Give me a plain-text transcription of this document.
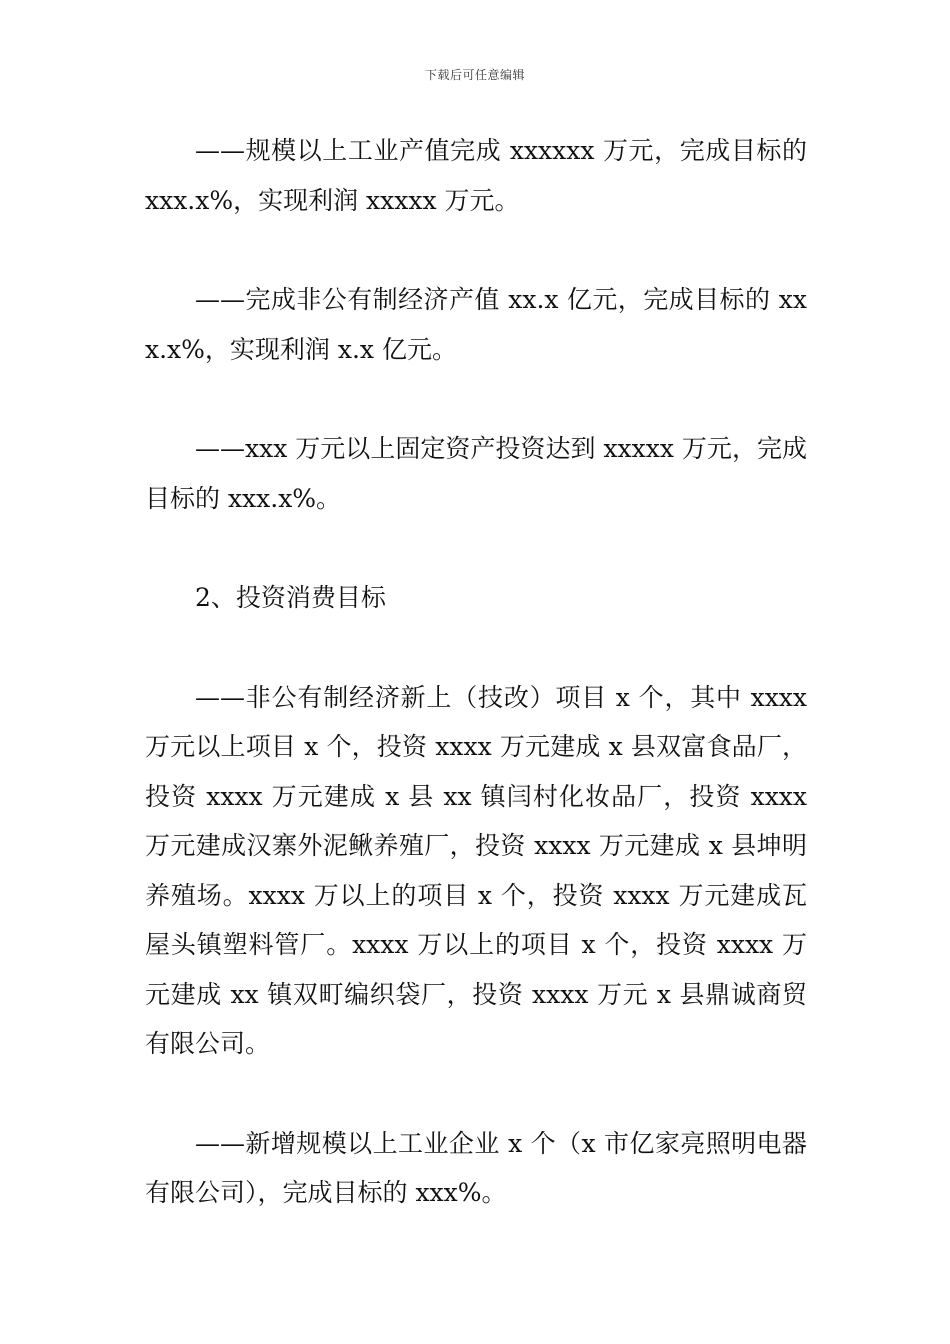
下载后可任意编辑

——规模以上工业产值完成 xxxxxx 万元，完成目标的 xxx.x%，实现利润 xxxxx 万元。

——完成非公有制经济产值 xx.x 亿元，完成目标的 xxx.x%，实现利润 x.x 亿元。

——xxx 万元以上固定资产投资达到 xxxxx 万元，完成目标的 xxx.x%。

2、投资消费目标

——非公有制经济新上（技改）项目 x 个，其中 xxxx 万元以上项目 x 个，投资 xxxx 万元建成 x 县双富食品厂，投资 xxxx 万元建成 x 县 xx 镇闫村化妆品厂，投资 xxxx 万元建成汉寨外泥鳅养殖厂，投资 xxxx 万元建成 x 县坤明养殖场。xxxx 万以上的项目 x 个，投资 xxxx 万元建成瓦屋头镇塑料管厂。xxxx 万以上的项目 x 个，投资 xxxx 万元建成 xx 镇双町编织袋厂，投资 xxxx 万元 x 县鼎诚商贸有限公司。

——新增规模以上工业企业 x 个（x 市亿家亮照明电器有限公司），完成目标的 xxx%。
